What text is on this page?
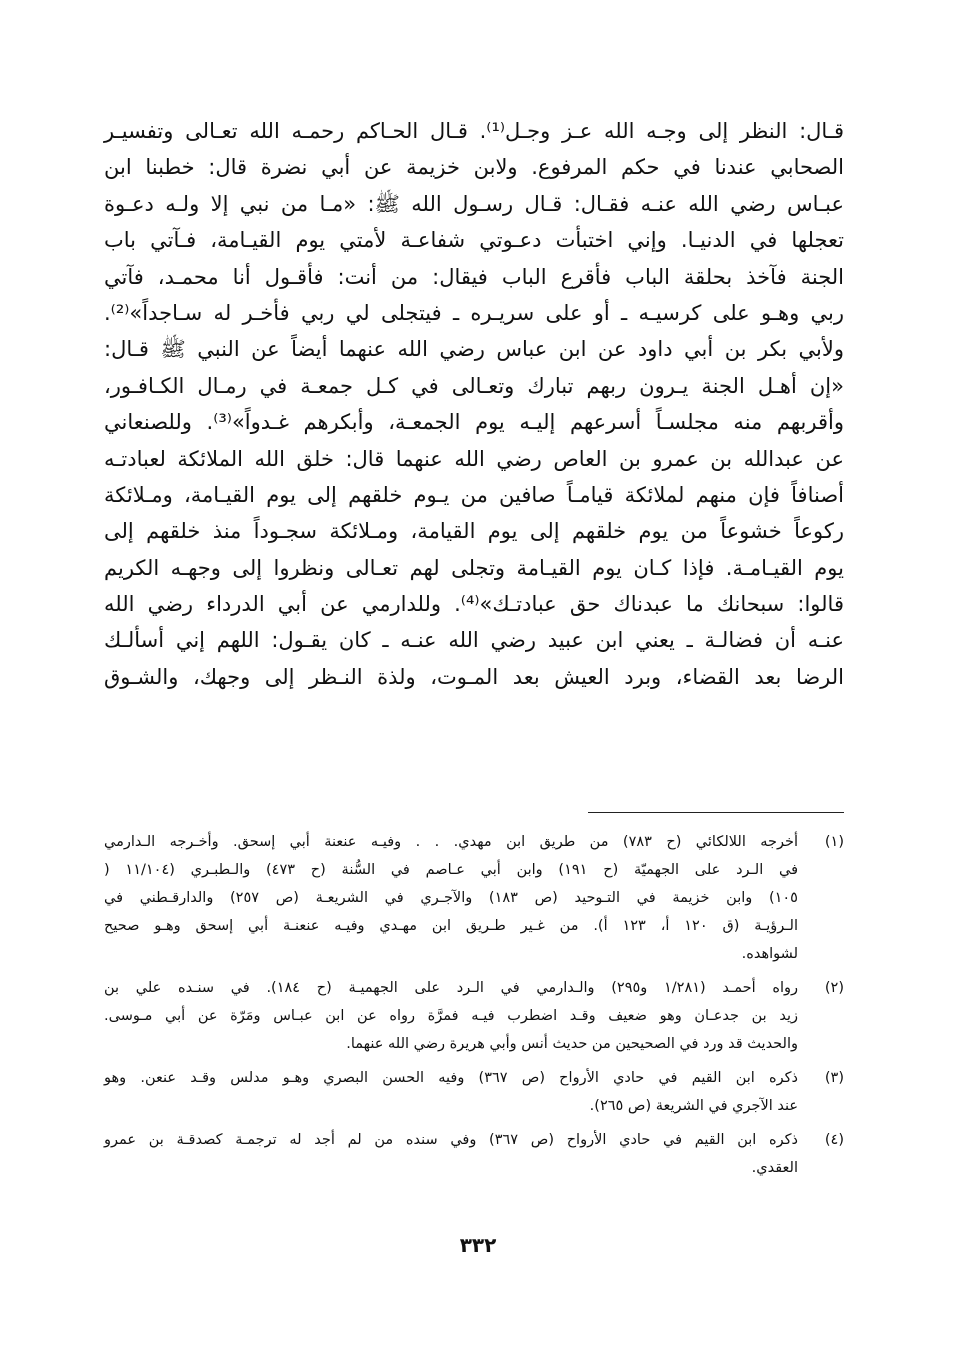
قـال: النظر إلى وجـه الله عـز وجـل⁽¹⁾. قـال الحـاكم رحمـه الله تعـالى وتفسيـر
الصحابي عندنا في حكم المرفوع. ولابن خزيمة عن أبي نضرة قال: خطبنا ابن
عبـاس رضي الله عنـه فقـال: قـال رسـول الله ﷺ: «مـا من نبي إلا ولـه دعـوة
تعجلها في الدنيـا. وإني اختبأت دعـوتي شفاعـة لأمتي يوم القيـامة، فـآتي باب
الجنة فآخذ بحلقة الباب فأقرع الباب فيقال: من أنت: فأقـول أنا محمـد، فآتي
ربي وهـو على كرسيـه ـ أو على سريـره ـ فيتجلى لي ربي فأخـر له سـاجداً»⁽²⁾.
ولأبي بكر بن أبي داود عن ابن عباس رضي الله عنهما أيضاً عن النبي ﷺ قـال:
«إن أهـل الجنة يـرون ربهم تبارك وتعـالى في كـل جمعـة في رمـال الكـافـور،
وأقربهم منه مجلسـاً أسرعهم إليـه يوم الجمعـة، وأبكرهم غـدواً»⁽³⁾. وللصنعاني
عن عبدالله بن عمرو بن العاص رضي الله عنهما قال: خلق الله الملائكة لعبادتـه
أصنافاً فإن منهم لملائكة قيامـاً صافين من يـوم خلقهم إلى يوم القيـامة، ومـلائكة
ركوعاً خشوعاً من يوم خلقهم إلى يوم القيامة، ومـلائكة سجـوداً منذ خلقهم إلى
يوم القيـامـة. فإذا كـان يوم القيـامة وتجلى لهم تعـالى ونظروا إلى وجهـه الكريم
قالوا: سبحانك ما عبدناك حق عبادتـك»⁽⁴⁾. وللدارمي عن أبي الدرداء رضي الله
عنـه أن فضالـة ـ يعني ابن عبيد رضي الله عنـه ـ كان يقـول: اللهم إني أسألـك
الرضا بعد القضاء، وبرد العيش بعد المـوت، ولذة النـظر إلى وجهك، والشـوق
(١)
أخرجه اللالكائي (ح ٧٨٣) من طريق ابن مهدي. . . وفيـه عنعنة أبي إسحق. وأخـرجه الـدارمي
في الـرد على الجهميّة (ح ١٩١) وابن أبي عـاصم في السُّنة (ح ٤٧٣) والـطبـري (١١/١٠٤ (
١٠٥) وابن خزيمة في التـوحيد (ص ١٨٣) والآجـري في الشريعـة (ص ٢٥٧) والدارقـطني في
الـرؤيـة (ق ١٢٠ أ، ١٢٣ أ). من غـير طـريق ابن مهـدي وفيـه عنعنـة أبي إسحق وهـو صحيح
لشواهده.
(٢)
رواه أحمـد (١/٢٨١ و٢٩٥) والـدارمي في الـرد على الجهميـة (ح ١٨٤). في سنـده علي بن
زيد بن جدعـان وهو ضعيف وقـد اضطرب فيـه فمرَّة رواه عن ابن عبـاس ومَرّة عن أبي مـوسى.
والحديث قد ورد في الصحيحين من حديث أنس وأبي هريرة رضي الله عنهما.
(٣)
ذكره ابن القيم في حادي الأرواح (ص ٣٦٧) وفيه الحسن البصري وهـو مدلس وقـد عنعن. وهو
عند الآجري في الشريعة (ص ٢٦٥).
(٤)
ذكره ابن القيم في حادي الأرواح (ص ٣٦٧) وفي سنده من لم أجد له ترجمـة كصدقـة بن عمرو
العقدي.
٣٣٢
